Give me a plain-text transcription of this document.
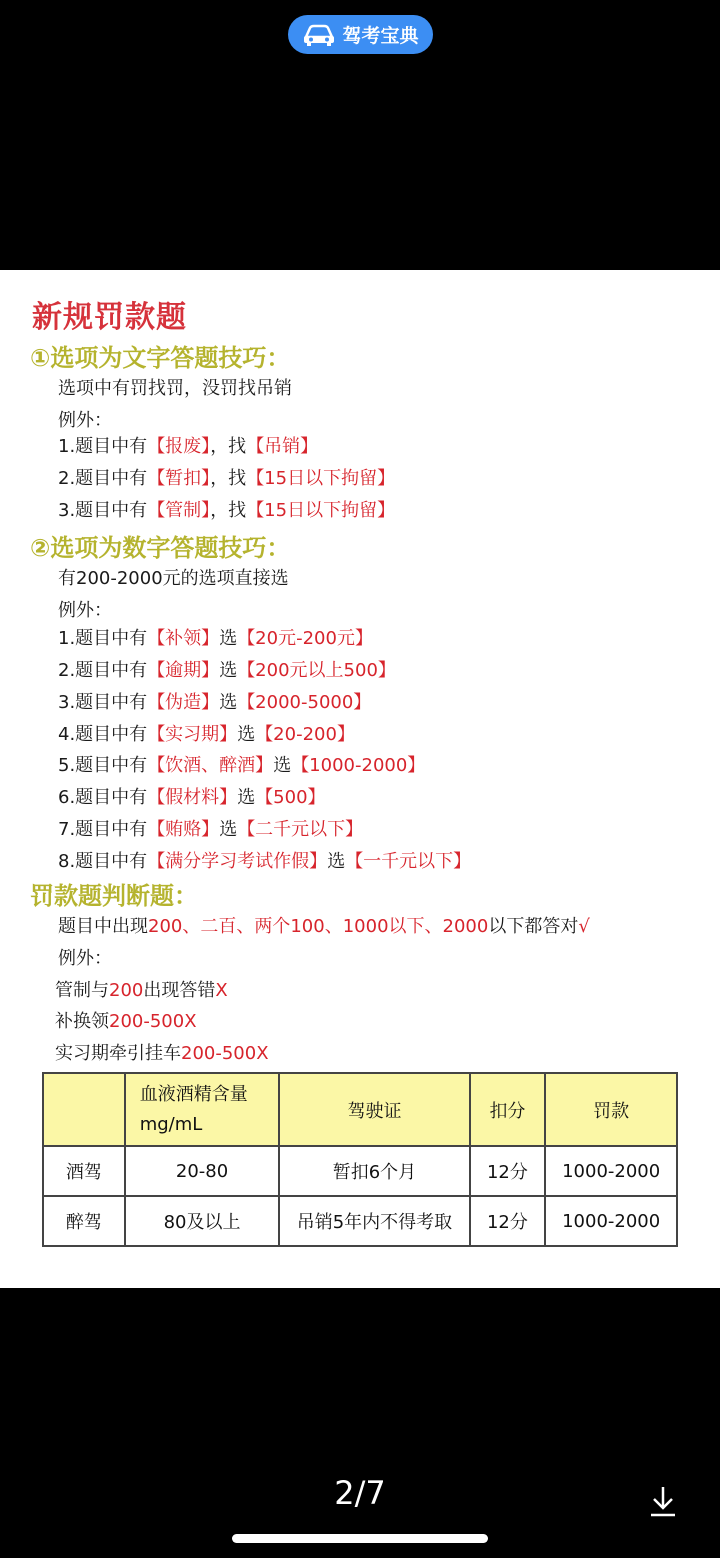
驾考宝典
新规罚款题
①选项为文字答题技巧：
选项中有罚找罚，没罚找吊销
例外：
1.题目中有【报废】，找【吊销】
2.题目中有【暂扣】，找【15日以下拘留】
3.题目中有【管制】，找【15日以下拘留】
②选项为数字答题技巧：
有200-2000元的选项直接选
例外：
1.题目中有【补领】选【20元-200元】
2.题目中有【逾期】选【200元以上500】
3.题目中有【伪造】选【2000-5000】
4.题目中有【实习期】选【20-200】
5.题目中有【饮酒、醉酒】选【1000-2000】
6.题目中有【假材料】选【500】
7.题目中有【贿赂】选【二千元以下】
8.题目中有【满分学习考试作假】选【一千元以下】
罚款题判断题：
题目中出现200、二百、两个100、1000以下、2000以下都答对√
例外：
管制与200出现答错X
补换领200-500X
实习期牵引挂车200-500X
	血液酒精含量
mg/mL	驾驶证	扣分	罚款
酒驾	20-80	暂扣6个月	12分	1000-2000
醉驾	80及以上	吊销5年内不得考取	12分	1000-2000
2/7
